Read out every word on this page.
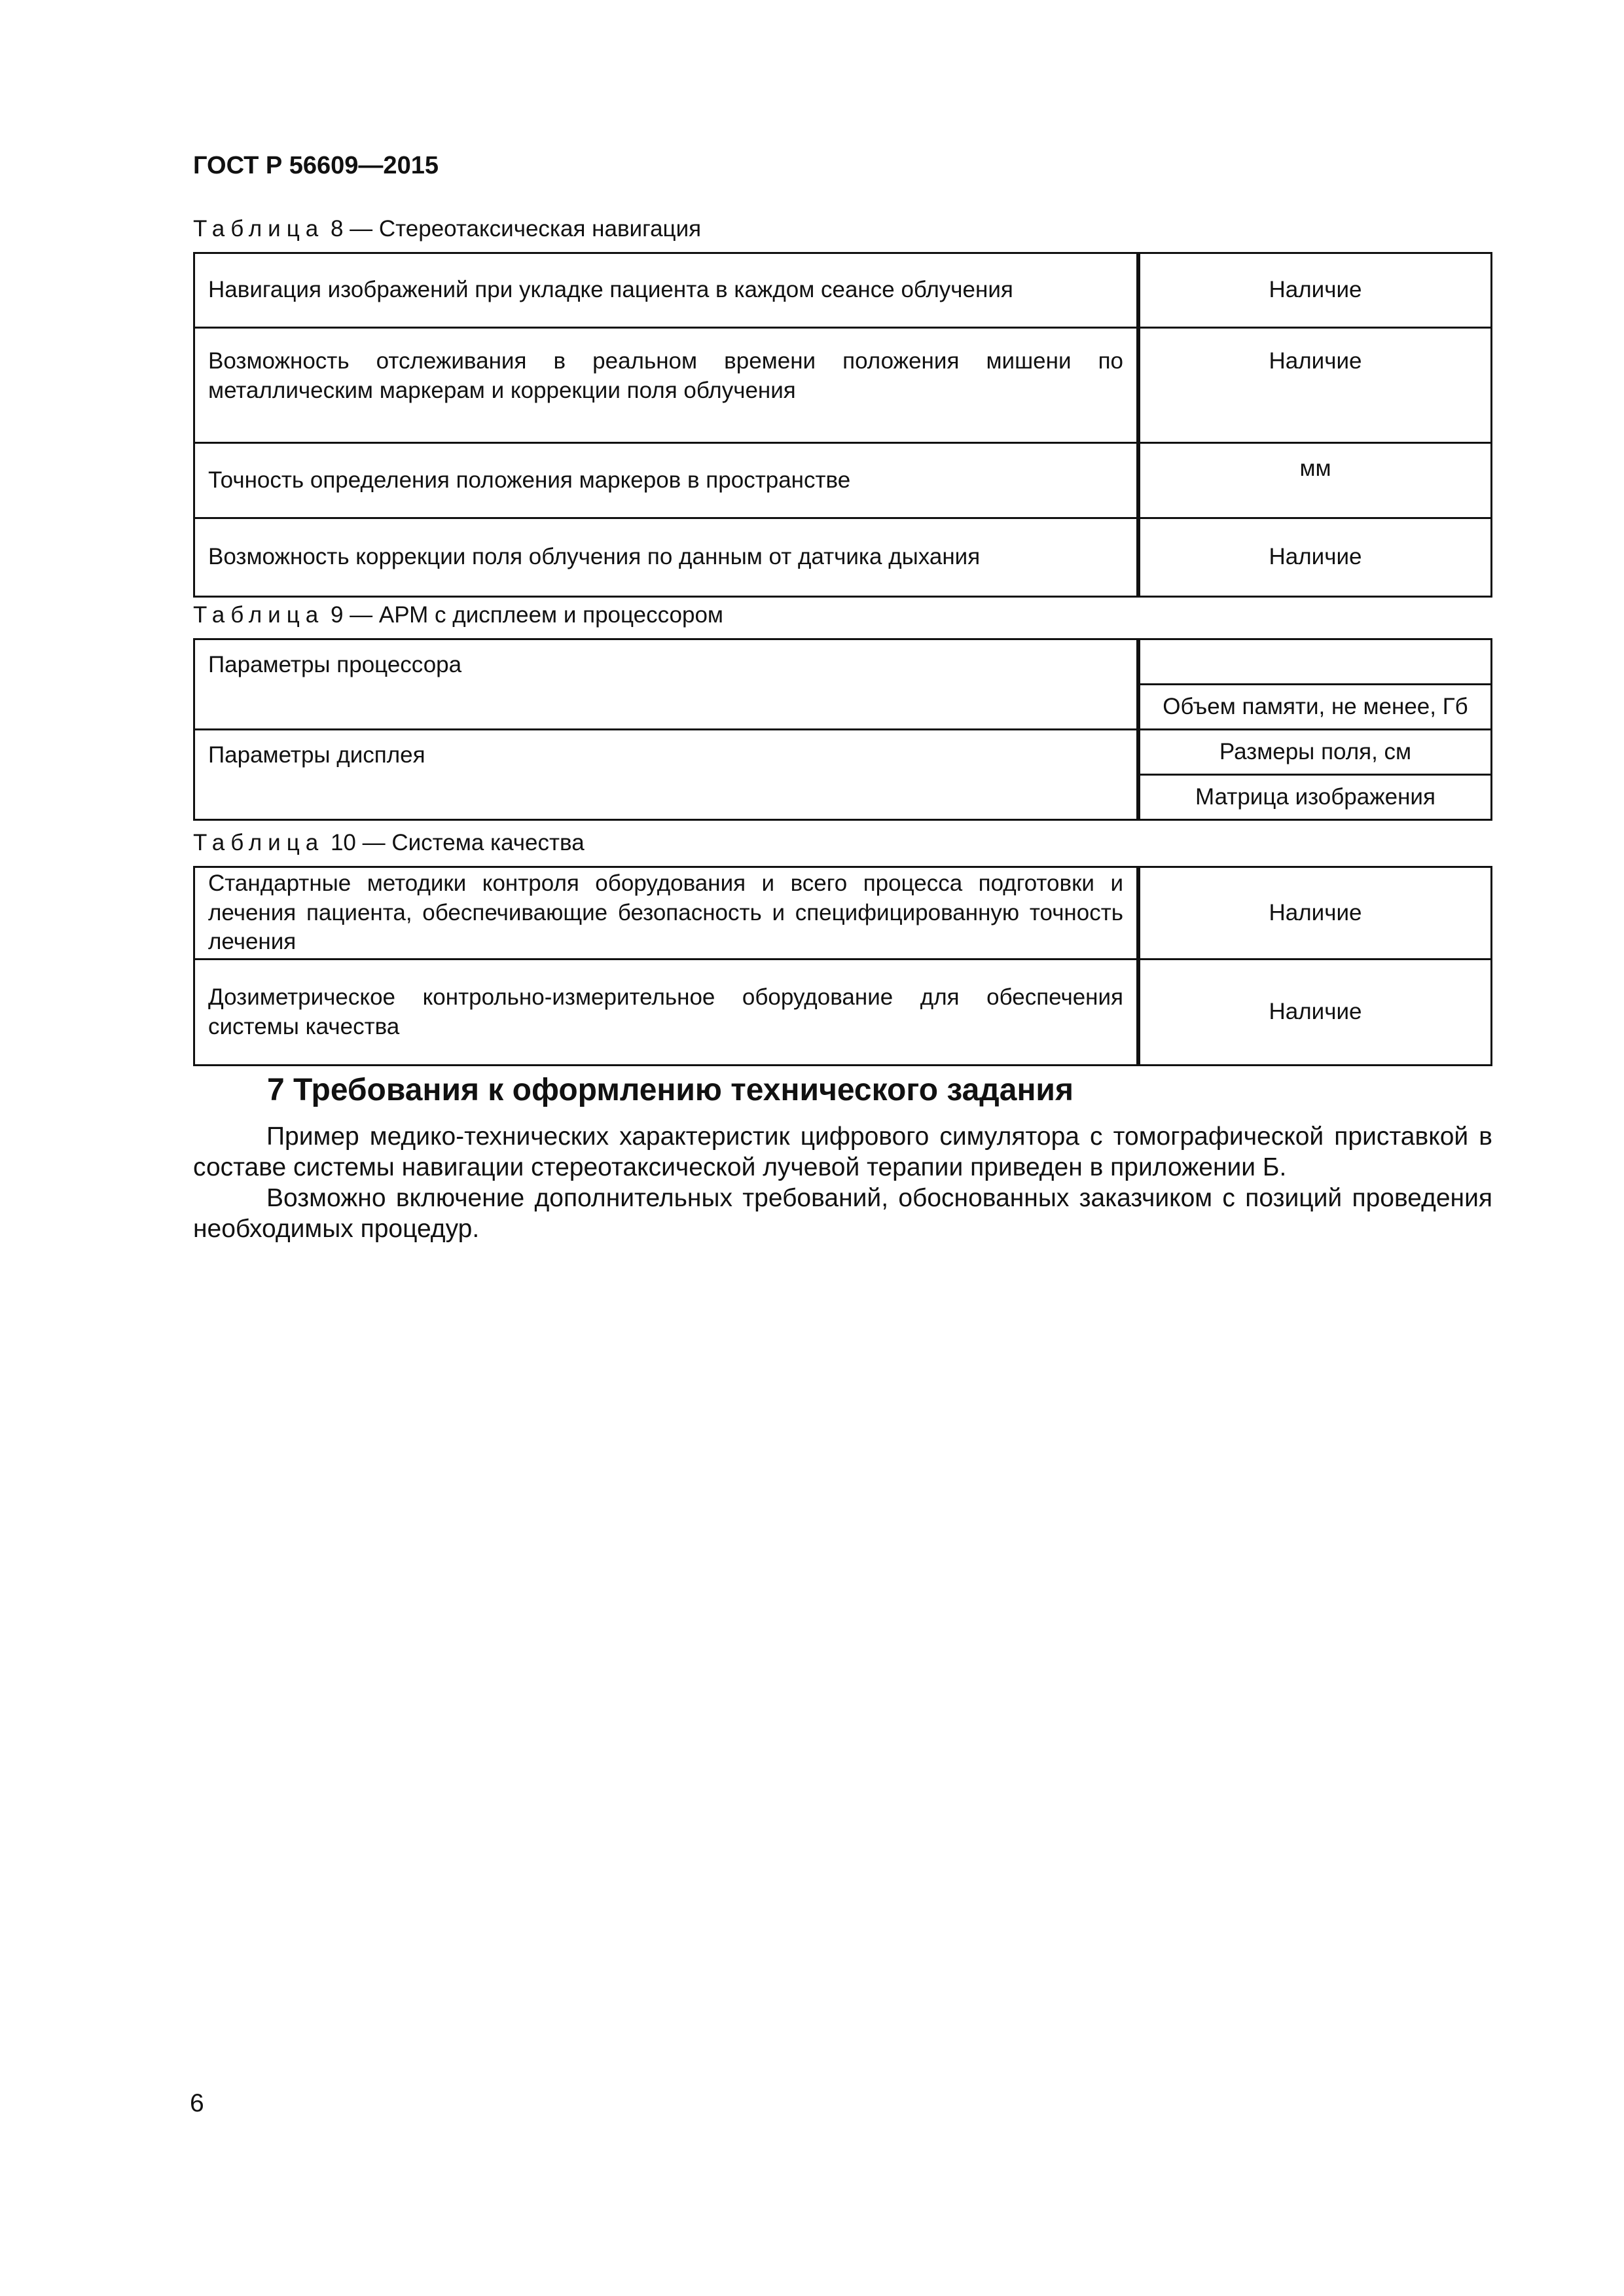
ГОСТ Р 56609—2015
Таблица 8 — Стереотаксическая навигация
Навигация изображений при укладке пациента в каждом сеансе облучения	Наличие
Возможность отслеживания в реальном времени положения мишени по металлическим маркерам и коррекции поля облучения	Наличие
Точность определения положения маркеров в пространстве	мм
Возможность коррекции поля облучения по данным от датчика дыхания	Наличие
Таблица 9 — АРМ с дисплеем и процессором
Параметры процессора	
	Объем памяти, не менее, Гб
Параметры дисплея	Размеры поля, см
	Матрица изображения
Таблица 10 — Система качества
Стандартные методики контроля оборудования и всего процесса подготовки и лечения пациента, обеспечивающие безопасность и специфицированную точность лечения	Наличие
Дозиметрическое контрольно-измерительное оборудование для обеспечения системы качества	Наличие
7 Требования к оформлению технического задания
Пример медико-технических характеристик цифрового симулятора с томографической приставкой в составе системы навигации стереотаксической лучевой терапии приведен в приложении Б.
Возможно включение дополнительных требований, обоснованных заказчиком с позиций проведения необходимых процедур.
6
